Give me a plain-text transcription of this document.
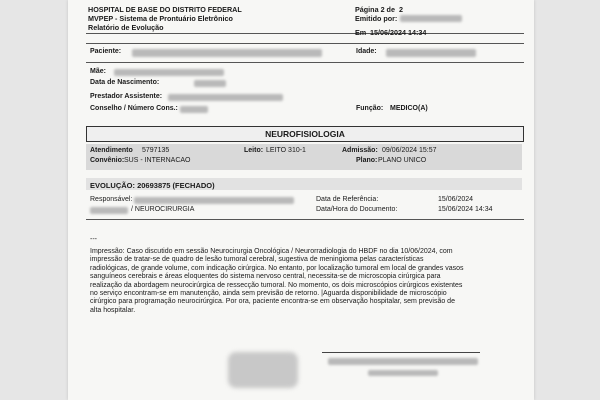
HOSPITAL DE BASE DO DISTRITO FEDERAL
MVPEP - Sistema de Prontuário Eletrônico
Relatório de Evolução
Página 2 de 2
Emitido por:
Em 15/06/2024 14:34
Paciente:	Idade:
Mãe:
Data de Nascimento:
Prestador Assistente:
Conselho / Número Cons.:	Função: MEDICO(A)
NEUROFISIOLOGIA
Atendimento 5797135	Leito: LEITO 310-1	Admissão: 09/06/2024 15:57
Convênio: SUS - INTERNACAO	Plano: PLANO UNICO
EVOLUÇÃO: 20693875 (FECHADO)
Responsável:
/ NEUROCIRURGIA
Data de Referência:	15/06/2024
Data/Hora do Documento:	15/06/2024 14:34
---
Impressão: Caso discutido em sessão Neurocirurgia Oncológica / Neurorradiologia do HBDF no dia 10/06/2024, com
impressão de tratar-se de quadro de lesão tumoral cerebral, sugestiva de meningioma pelas características
radiológicas, de grande volume, com indicação cirúrgica. No entanto, por localização tumoral em local de grandes vasos
sanguíneos cerebrais e áreas eloquentes do sistema nervoso central, necessita-se de microscopia cirúrgica para
realização da abordagem neurocirúrgica de ressecção tumoral. No momento, os dois microscópios cirúrgicos existentes
no serviço encontram-se em manutenção, ainda sem previsão de retorno. |Aguarda disponibilidade de microscópio
cirúrgico para programação neurocirúrgica. Por ora, paciente encontra-se em observação hospitalar, sem previsão de
alta hospitalar.
